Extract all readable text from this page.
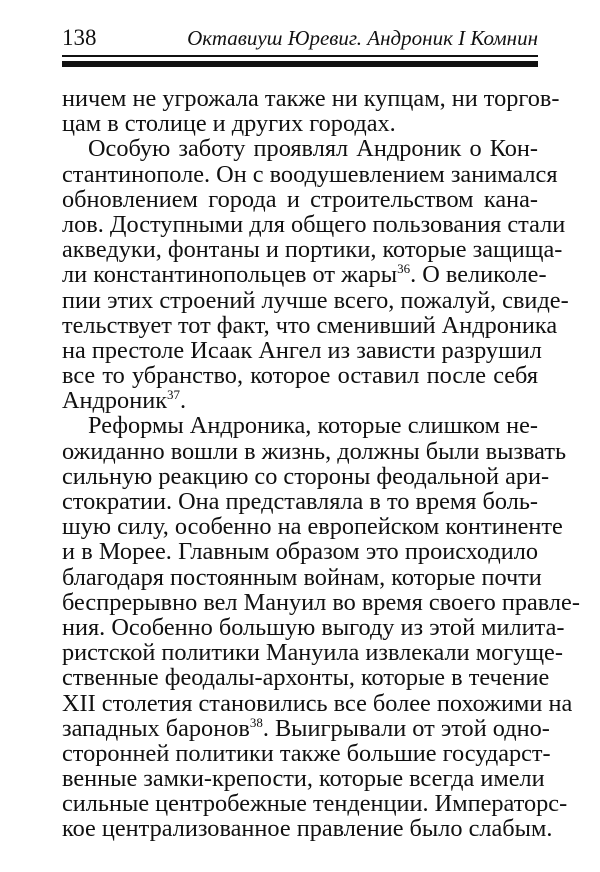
138	Октавиуш Юревиг. Андроник I Комнин
ничем не угрожала также ни купцам, ни торгов-
цам в столице и других городах.
Особую заботу проявлял Андроник о Кон-
стантинополе. Он с воодушевлением занимался
обновлением города и строительством кана-
лов. Доступными для общего пользования стали
акведуки, фонтаны и портики, которые защища-
ли константинопольцев от жары$^{36}$. О великоле-
пии этих строений лучше всего, пожалуй, свиде-
тельствует тот факт, что сменивший Андроника
на престоле Исаак Ангел из зависти разрушил
все то убранство, которое оставил после себя
Андроник$^{37}$.
Реформы Андроника, которые слишком не-
ожиданно вошли в жизнь, должны были вызвать
сильную реакцию со стороны феодальной ари-
стократии. Она представляла в то время боль-
шую силу, особенно на европейском континенте
и в Морее. Главным образом это происходило
благодаря постоянным войнам, которые почти
беспрерывно вел Мануил во время своего правле-
ния. Особенно большую выгоду из этой милита-
ристской политики Мануила извлекали могуще-
ственные феодалы-архонты, которые в течение
XII столетия становились все более похожими на
западных баронов$^{38}$. Выигрывали от этой одно-
сторонней политики также большие государст-
венные замки-крепости, которые всегда имели
сильные центробежные тенденции. Императорс-
кое централизованное правление было слабым.
